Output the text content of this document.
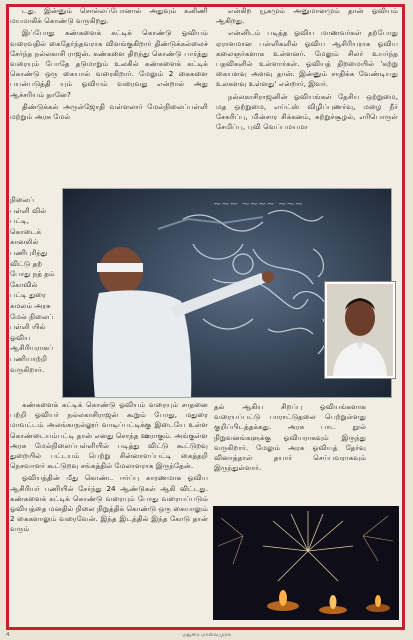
டது. இன்னும் சொல்லப்போனால் அதுவும் கனிணி மயமாகிக் கொண்டு வருகிறது.

இப்போது கண்களைக் கட்டிக் கொண்டு ஓவியம் வரைவதில் கைதேர்ந்தவராக விளங்குகிறார் திண்டுக்கல்லைச் சேர்ந்த நல்லகாசி ராஜன். கண்களை திறந்து கொண்டு பார்த்து வரையும் போதே தடுமாறும் உலகில் கண்களைக் கட்டிக் கொண்டு ஒரு கையால் வரைகிறார். மேலும் 2 கைகளை பயன்படுத்தி யும் ஓவியம் வரைவது என்றால் அது ஆச்சரியம் தானே?

திண்டுக்கல் அருள்ஜோதி வள்ளலார் மேல்நிலைப்பள்ளி மற்றும் அரசு மேல்

என்கிற யூகமும் அனுமானமும் தான் ஓவியம் ஆகிறது.

என்னிடம் படித்த ஓவிய மாணவர்கள் தற்போது ஏராளமான பள்ளிகளில் ஓவிய ஆசிரியராக ஓவிய கலைஞர்களாக உள்ளனர். மேலும் சிலர் உயர்ந்த பதவிகளில் உள்ளார்கள். ஓவியத் திறமையில் 'கற்று கையளவு அளவு தான். இன்னும் சாதிக்க வேண்டியது உலகளவு உள்ளது' என்றார், இவர்.

நல்லகாசிராஜனின் ஓவியங்கள் தேசிய ஒற்றுமை, மத ஒற்றுமை, எய்ட்ஸ் விழிப்புணர்வு, மழை நீர் சேகரிப்பு, மின்சார சிக்கனம், சுற்றுச்சூழல், எரிபொருள் சேமிப்பு, புவி வெப்பமயமா

நிலைப் பள்ளி வில் பட்டி, கொடைக் கானலில் பணிபுரிந்து விட்டு தற் போது நத் தம் கோவில் பட்டி துரை கமலம் அரசு மேல் நிலைப் பள்ளி யில் ஓவிய ஆசிரியராகப் பணியாற்றி வருகிறார்.
~~~ ~~~~ ~~~

கண்களைக் கட்டிக் கொண்டு ஓவியம் வரையும் சாதனை பற்றி ஓவியர் நல்லகாசிராஜன் கூறும் போது, மதுரை மாவட்டம் அலங்காநல்லூர் வாடிப்பட்டிக்கு இடையே உள்ள கொண்டையம்பட்டி தான் எனது சொந்த ஊராகும். அங்குள்ள அரசு மேல்நிலைப்பள்ளியில் படித்து விட்டு கூட்டுறவு துறையில் பட்டயம் பெற்று சின்னாளப்பட்டி கைத்தறி நெசவாளர் கூட்டுறவு சங்கத்தில் மேலாளராக இருந்தேன்.

ஓவியத்தின் மீது கொண்ட ஈர்ப்பு காரணமாக ஓவிய ஆசிரியர் பணியில் சேர்ந்து 24 ஆண்டுகள் ஆகி விட்டது. கண்களைக் கட்டிக் கொண்டு வரையும் போது வரையப்படும் ஓவியத்தை மனதில் நிலை நிறுத்திக் கொண்டு ஒரு கையாலும் 2 கைகளாலும் வரைவேன். இந்த இடத்தில் இந்த கோடு தான் வரும்

தல் ஆகிய சிறப்பு ஓவியங்களாக வரையப்பட்டு பாராட்டுதலை பெற்றுள்ளது குறிப்பிடத்தக்கது. அரசு பாட நூல் நிறுவனங்களுக்கு ஓவியராகவும் இருந்து வருகிறார். மேலும் அரசு ஓவியத் தேர்வு வினாத்தாள் தயார் செய்பவராகவும் இருந்துள்ளார்.
4	மதுரை மாலைமுரசு
